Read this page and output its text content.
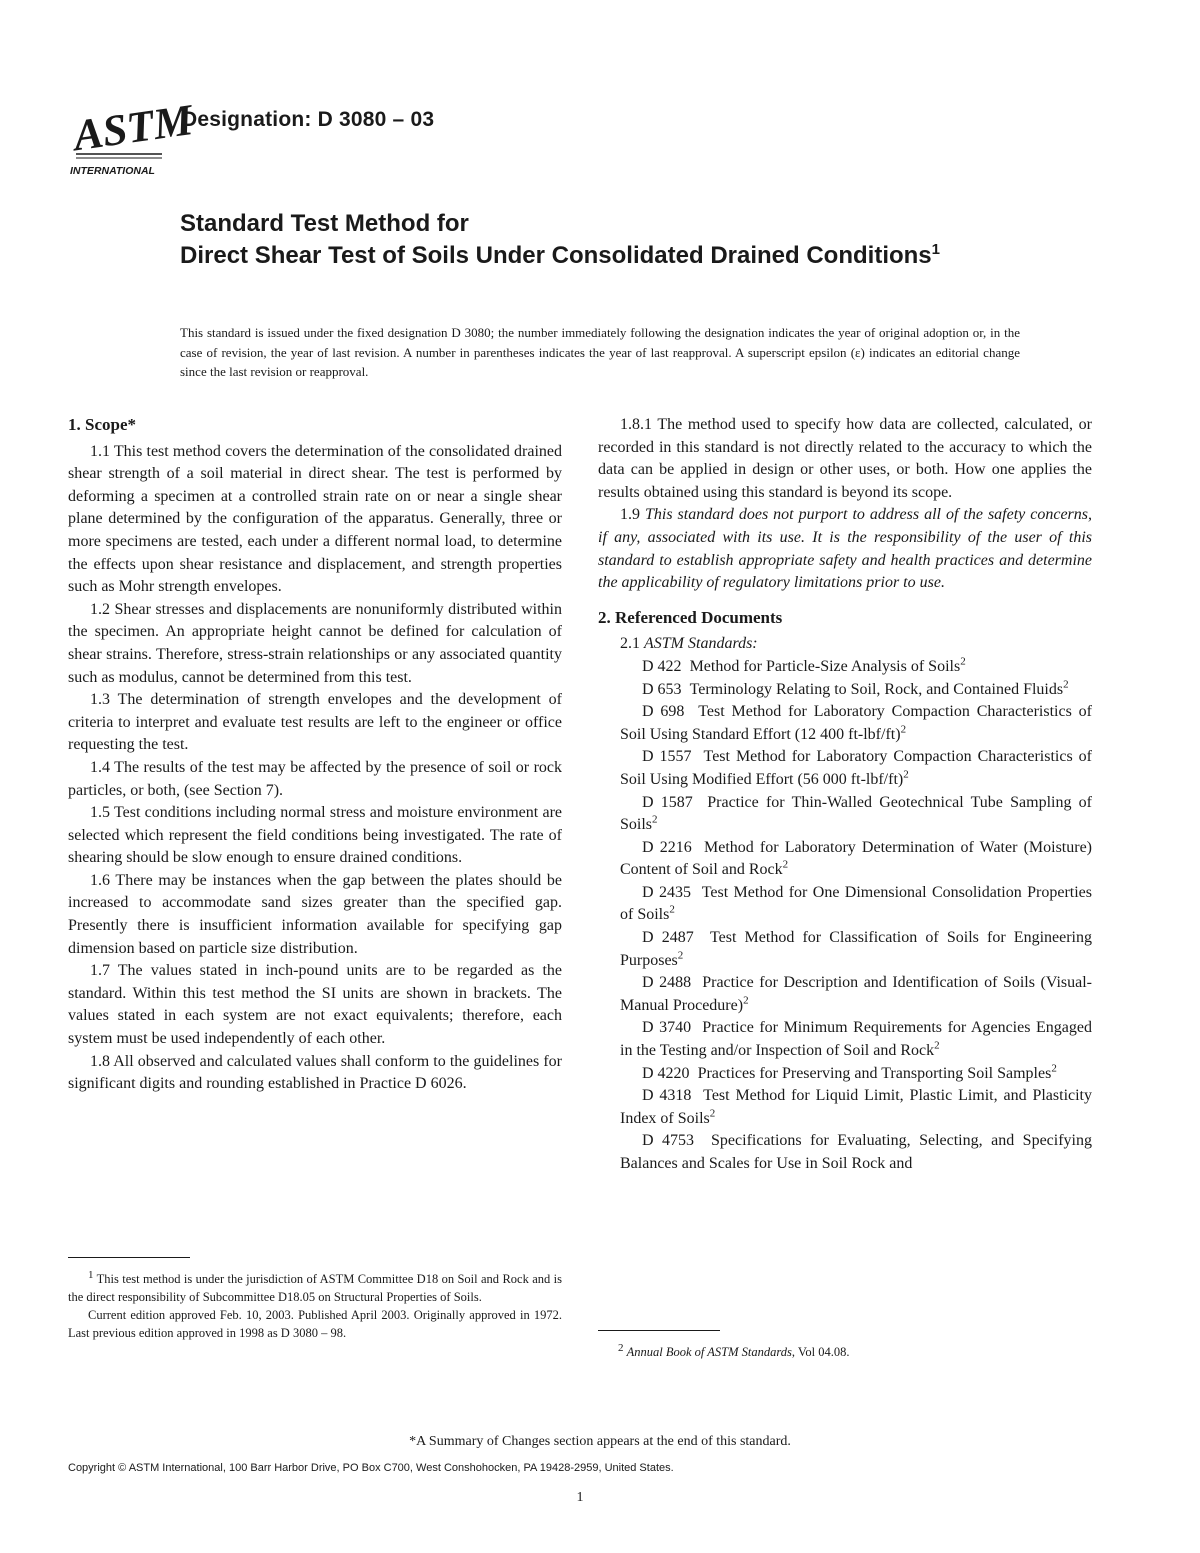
ASTM
INTERNATIONAL
Designation: D 3080 – 03
Standard Test Method for
Direct Shear Test of Soils Under Consolidated Drained Conditions$^1$
This standard is issued under the fixed designation D 3080; the number immediately following the designation indicates the year of original adoption or, in the case of revision, the year of last revision. A number in parentheses indicates the year of last reapproval. A superscript epsilon (ε) indicates an editorial change since the last revision or reapproval.

1. Scope*

1.1 This test method covers the determination of the consolidated drained shear strength of a soil material in direct shear. The test is performed by deforming a specimen at a controlled strain rate on or near a single shear plane determined by the configuration of the apparatus. Generally, three or more specimens are tested, each under a different normal load, to determine the effects upon shear resistance and displacement, and strength properties such as Mohr strength envelopes.

1.2 Shear stresses and displacements are nonuniformly distributed within the specimen. An appropriate height cannot be defined for calculation of shear strains. Therefore, stress-strain relationships or any associated quantity such as modulus, cannot be determined from this test.

1.3 The determination of strength envelopes and the development of criteria to interpret and evaluate test results are left to the engineer or office requesting the test.

1.4 The results of the test may be affected by the presence of soil or rock particles, or both, (see Section 7).

1.5 Test conditions including normal stress and moisture environment are selected which represent the field conditions being investigated. The rate of shearing should be slow enough to ensure drained conditions.

1.6 There may be instances when the gap between the plates should be increased to accommodate sand sizes greater than the specified gap. Presently there is insufficient information available for specifying gap dimension based on particle size distribution.

1.7 The values stated in inch-pound units are to be regarded as the standard. Within this test method the SI units are shown in brackets. The values stated in each system are not exact equivalents; therefore, each system must be used independently of each other.

1.8 All observed and calculated values shall conform to the guidelines for significant digits and rounding established in Practice D 6026.

1.8.1 The method used to specify how data are collected, calculated, or recorded in this standard is not directly related to the accuracy to which the data can be applied in design or other uses, or both. How one applies the results obtained using this standard is beyond its scope.

1.9 This standard does not purport to address all of the safety concerns, if any, associated with its use. It is the responsibility of the user of this standard to establish appropriate safety and health practices and determine the applicability of regulatory limitations prior to use.

2. Referenced Documents

2.1 ASTM Standards:

D 422 Method for Particle-Size Analysis of Soils$^2$

D 653 Terminology Relating to Soil, Rock, and Contained Fluids$^2$

D 698 Test Method for Laboratory Compaction Characteristics of Soil Using Standard Effort (12 400 ft-lbf/ft)$^2$

D 1557 Test Method for Laboratory Compaction Characteristics of Soil Using Modified Effort (56 000 ft-lbf/ft)$^2$

D 1587 Practice for Thin-Walled Geotechnical Tube Sampling of Soils$^2$

D 2216 Method for Laboratory Determination of Water (Moisture) Content of Soil and Rock$^2$

D 2435 Test Method for One Dimensional Consolidation Properties of Soils$^2$

D 2487 Test Method for Classification of Soils for Engineering Purposes$^2$

D 2488 Practice for Description and Identification of Soils (Visual-Manual Procedure)$^2$

D 3740 Practice for Minimum Requirements for Agencies Engaged in the Testing and/or Inspection of Soil and Rock$^2$

D 4220 Practices for Preserving and Transporting Soil Samples$^2$

D 4318 Test Method for Liquid Limit, Plastic Limit, and Plasticity Index of Soils$^2$

D 4753 Specifications for Evaluating, Selecting, and Specifying Balances and Scales for Use in Soil Rock and

$^1$ This test method is under the jurisdiction of ASTM Committee D18 on Soil and Rock and is the direct responsibility of Subcommittee D18.05 on Structural Properties of Soils.

Current edition approved Feb. 10, 2003. Published April 2003. Originally approved in 1972. Last previous edition approved in 1998 as D 3080 – 98.

$^2$ Annual Book of ASTM Standards, Vol 04.08.

*A Summary of Changes section appears at the end of this standard.
Copyright © ASTM International, 100 Barr Harbor Drive, PO Box C700, West Conshohocken, PA 19428-2959, United States.
1
